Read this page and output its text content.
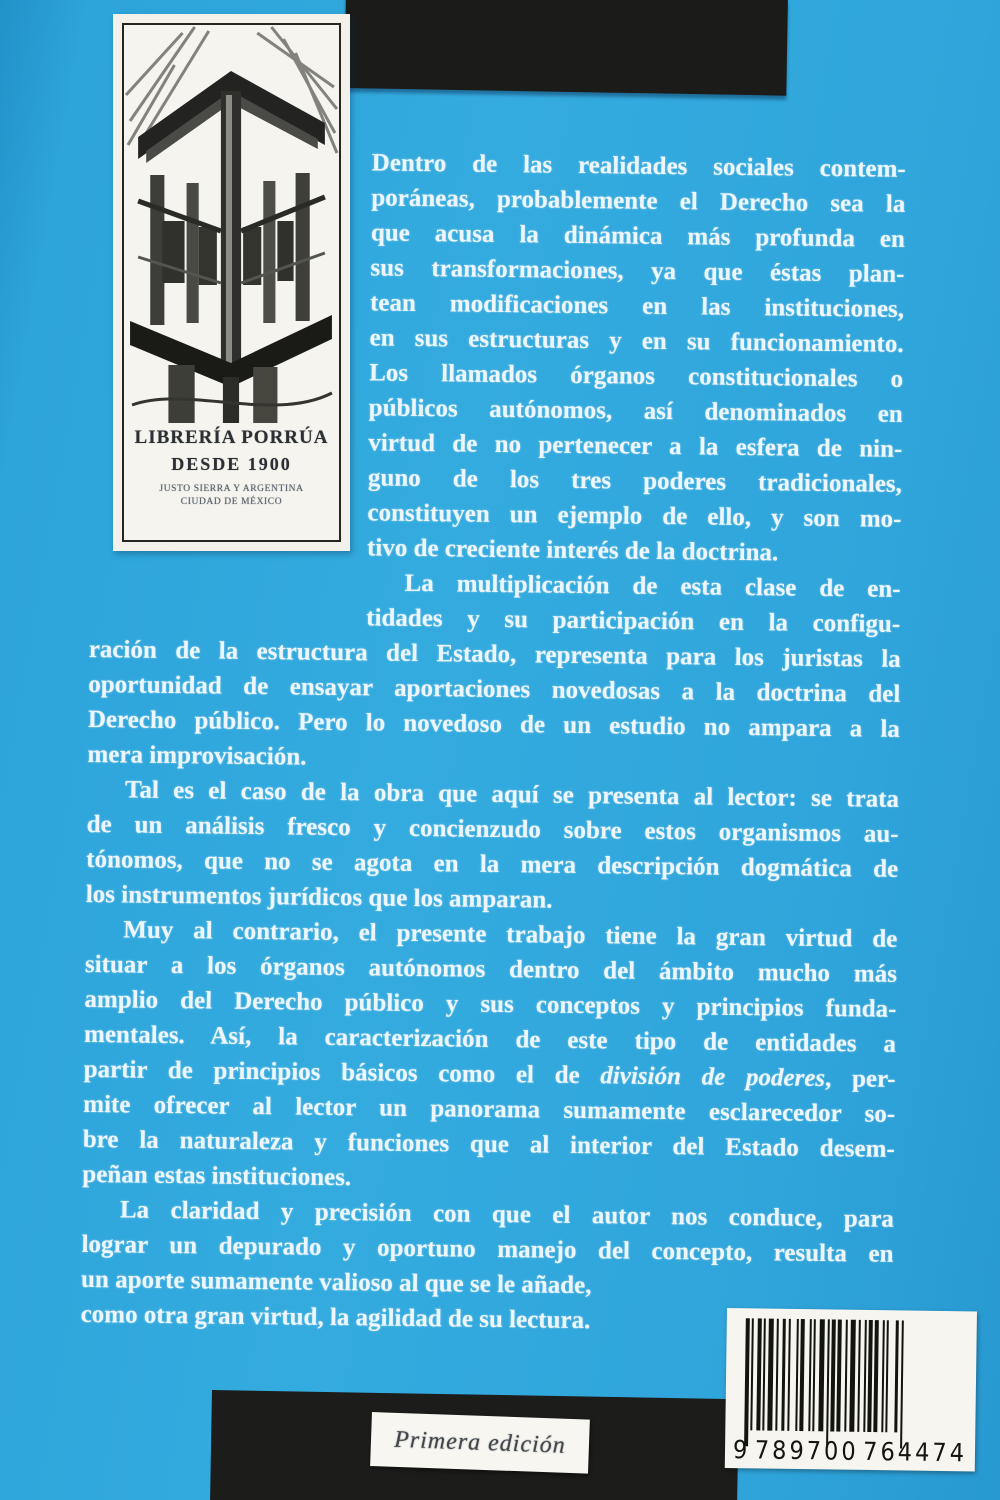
LIBRERÍA PORRÚA
DESDE 1900
JUSTO SIERRA Y ARGENTINA
CIUDAD DE MÉXICO
Dentro de las realidades sociales contem-
poráneas, probablemente el Derecho sea la
que acusa la dinámica más profunda en
sus transformaciones, ya que éstas plan-
tean modificaciones en las instituciones,
en sus estructuras y en su funcionamiento.
Los llamados órganos constitucionales o
públicos autónomos, así denominados en
virtud de no pertenecer a la esfera de nin-
guno de los tres poderes tradicionales,
constituyen un ejemplo de ello, y son mo-
tivo de creciente interés de la doctrina.
La multiplicación de esta clase de en-
tidades y su participación en la configu-
ración de la estructura del Estado, representa para los juristas la
oportunidad de ensayar aportaciones novedosas a la doctrina del
Derecho público. Pero lo novedoso de un estudio no ampara a la
mera improvisación.
Tal es el caso de la obra que aquí se presenta al lector: se trata
de un análisis fresco y concienzudo sobre estos organismos au-
tónomos, que no se agota en la mera descripción dogmática de
los instrumentos jurídicos que los amparan.
Muy al contrario, el presente trabajo tiene la gran virtud de
situar a los órganos autónomos dentro del ámbito mucho más
amplio del Derecho público y sus conceptos y principios funda-
mentales. Así, la caracterización de este tipo de entidades a
partir de principios básicos como el de división de poderes, per-
mite ofrecer al lector un panorama sumamente esclarecedor so-
bre la naturaleza y funciones que al interior del Estado desem-
peñan estas instituciones.
La claridad y precisión con que el autor nos conduce, para
lograr un depurado y oportuno manejo del concepto, resulta en
un aporte sumamente valioso al que se le añade,
como otra gran virtud, la agilidad de su lectura.
Primera edición	9 789700 764474
